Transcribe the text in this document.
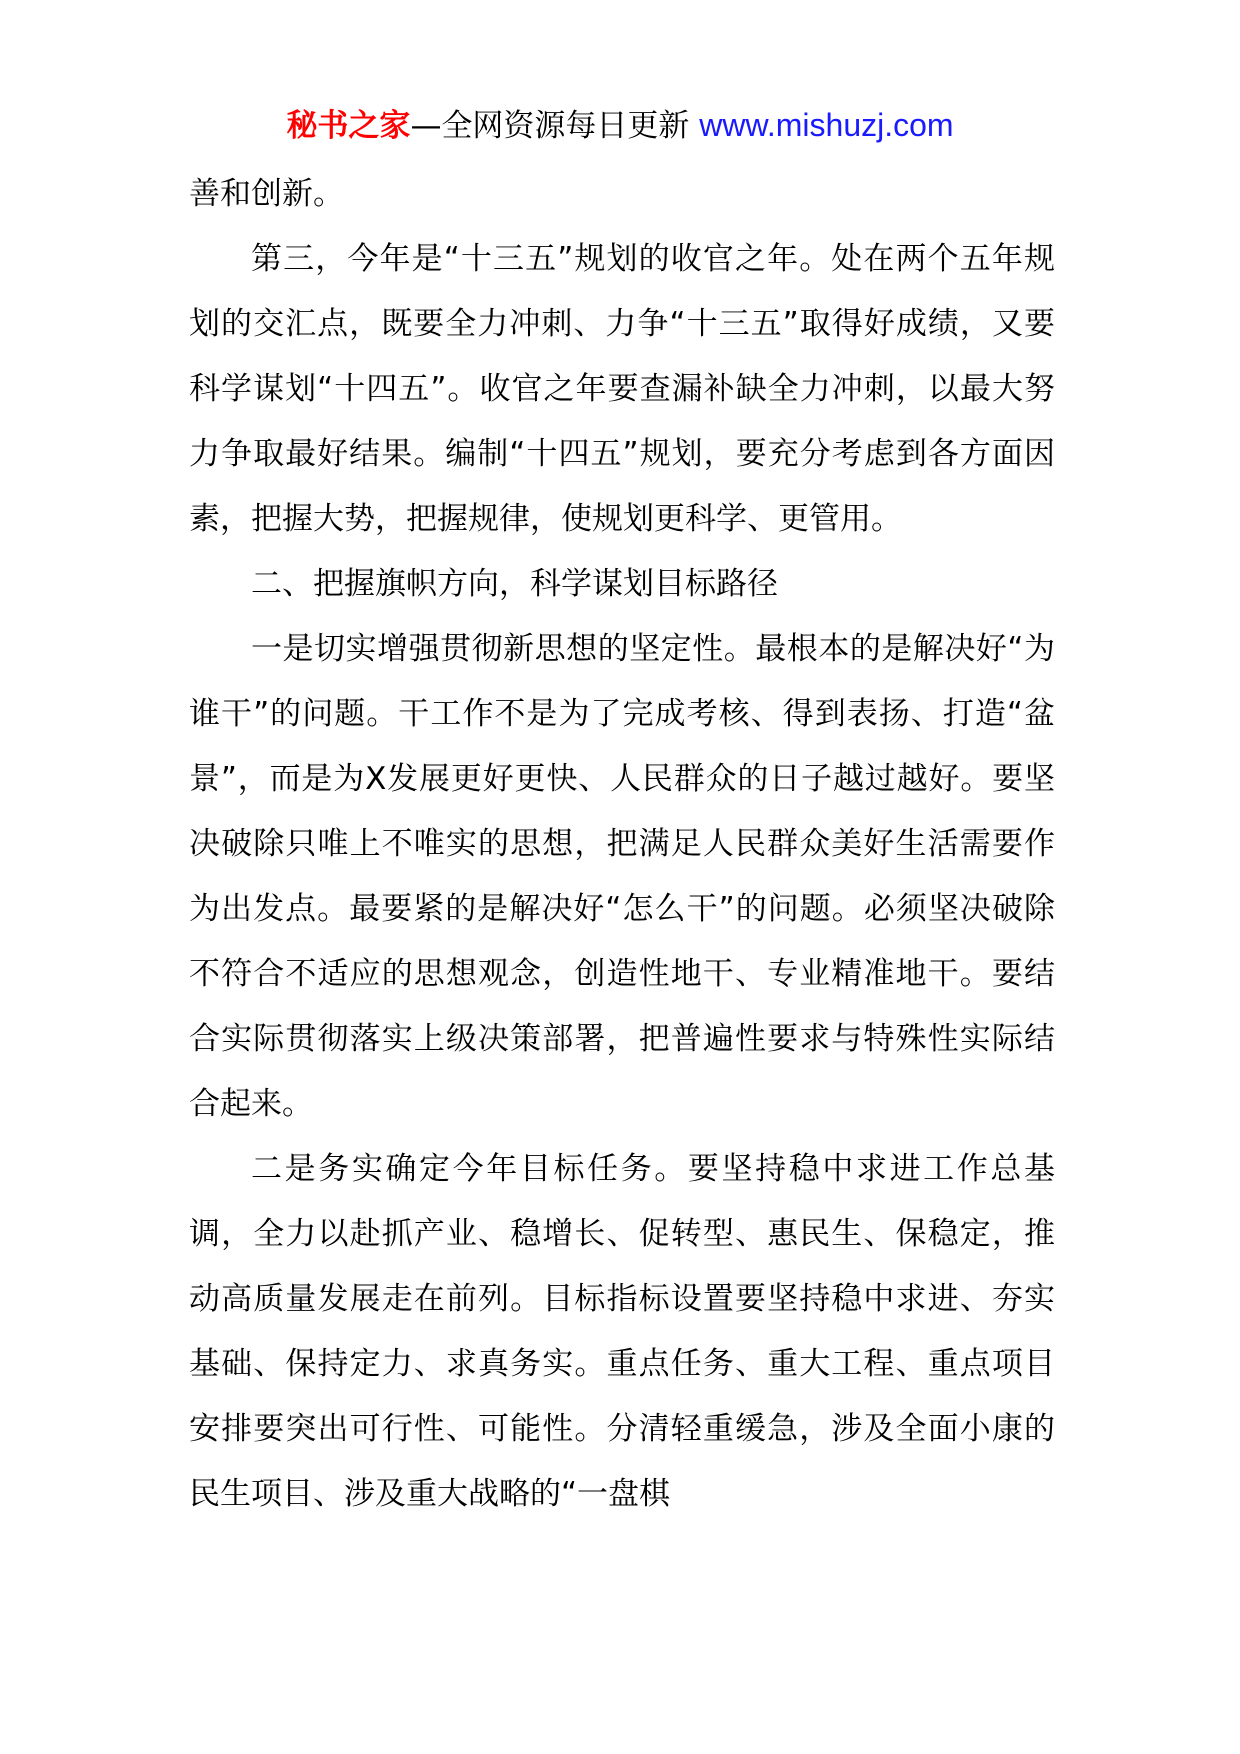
秘书之家—全网资源每日更新 www.mishuzj.com

善和创新。

第三，今年是“十三五”规划的收官之年。处在两个五年规划的交汇点，既要全力冲刺、力争“十三五”取得好成绩，又要科学谋划“十四五”。收官之年要查漏补缺全力冲刺，以最大努力争取最好结果。编制“十四五”规划，要充分考虑到各方面因素，把握大势，把握规律，使规划更科学、更管用。

二、把握旗帜方向，科学谋划目标路径

一是切实增强贯彻新思想的坚定性。最根本的是解决好“为谁干”的问题。干工作不是为了完成考核、得到表扬、打造“盆景”，而是为X发展更好更快、人民群众的日子越过越好。要坚决破除只唯上不唯实的思想，把满足人民群众美好生活需要作为出发点。最要紧的是解决好“怎么干”的问题。必须坚决破除不符合不适应的思想观念，创造性地干、专业精准地干。要结合实际贯彻落实上级决策部署，把普遍性要求与特殊性实际结合起来。

二是务实确定今年目标任务。要坚持稳中求进工作总基调，全力以赴抓产业、稳增长、促转型、惠民生、保稳定，推动高质量发展走在前列。目标指标设置要坚持稳中求进、夯实基础、保持定力、求真务实。重点任务、重大工程、重点项目安排要突出可行性、可能性。分清轻重缓急，涉及全面小康的民生项目、涉及重大战略的“一盘棋
